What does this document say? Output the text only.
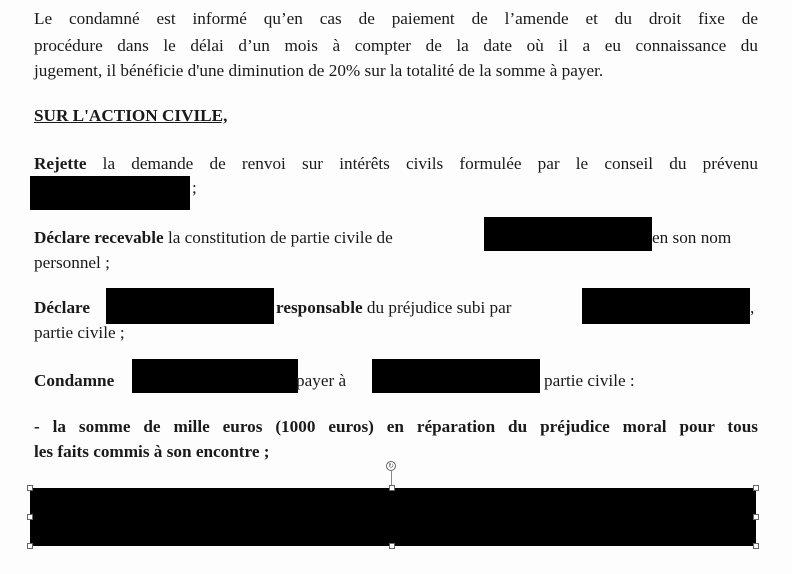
Le condamné est informé qu’en cas de paiement de l’amende et du droit fixe de
procédure dans le délai d’un mois à compter de la date où il a eu connaissance du
jugement, il bénéficie d'une diminution de 20% sur la totalité de la somme à payer.
SUR L'ACTION CIVILE,
Rejette la demande de renvoi sur intérêts civils formulée par le conseil du prévenu
;
Déclare recevable la constitution de partie civile de	en son nom
personnel ;
Déclare	responsable du préjudice subi par	,
partie civile ;
Condamne	payer à	partie civile :
- la somme de mille euros (1000 euros) en réparation du préjudice moral pour tous
les faits commis à son encontre ;
↻
